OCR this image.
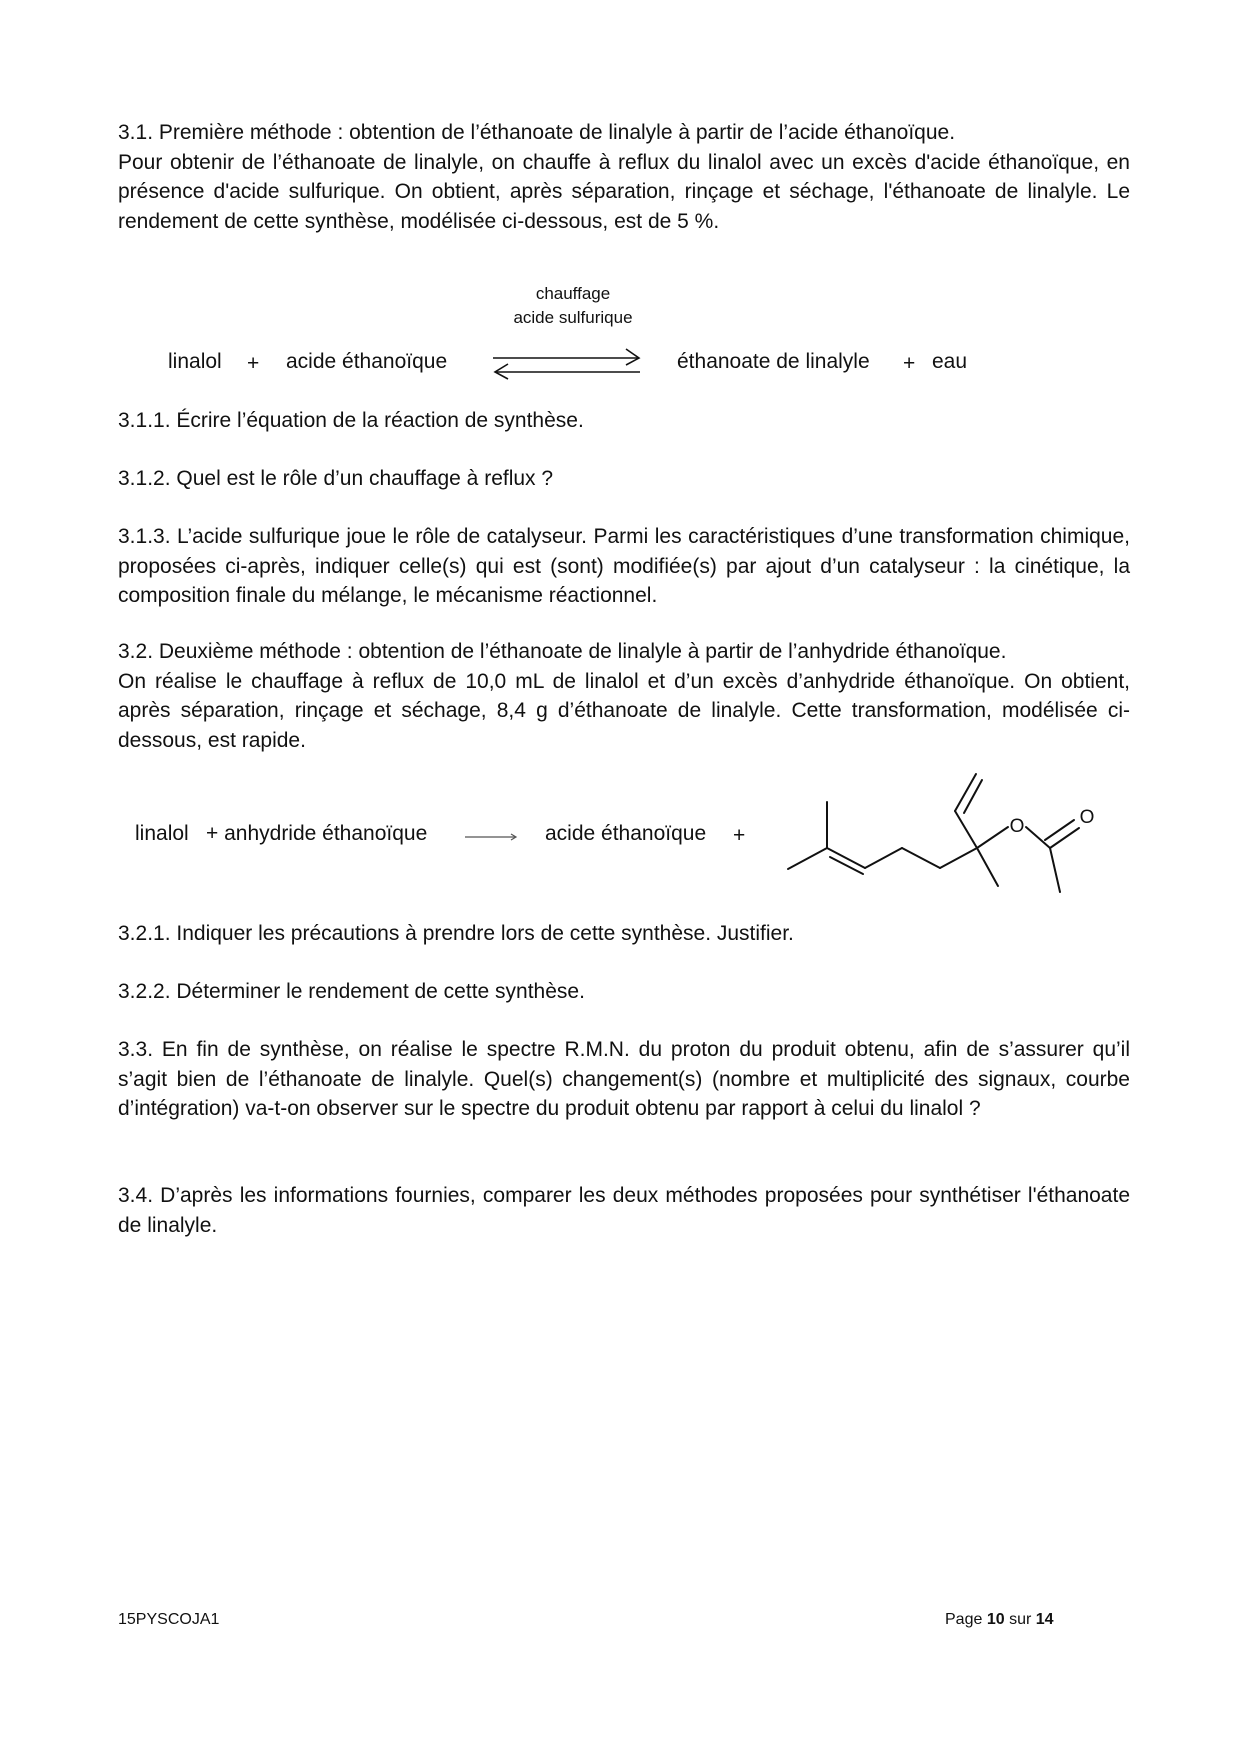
3.1. Première méthode : obtention de l’éthanoate de linalyle à partir de l’acide éthanoïque.

Pour obtenir de l’éthanoate de linalyle, on chauffe à reflux du linalol avec un excès d'acide éthanoïque, en présence d'acide sulfurique. On obtient, après séparation, rinçage et séchage, l'éthanoate de linalyle. Le rendement de cette synthèse, modélisée ci-dessous, est de 5 %.

chauffage
acide sulfurique
linalol + acide éthanoïque	éthanoate de linalyle + eau

3.1.1. Écrire l’équation de la réaction de synthèse.

3.1.2. Quel est le rôle d’un chauffage à reflux ?

3.1.3. L’acide sulfurique joue le rôle de catalyseur. Parmi les caractéristiques d’une transformation chimique, proposées ci-après, indiquer celle(s) qui est (sont) modifiée(s) par ajout d’un catalyseur : la cinétique, la composition finale du mélange, le mécanisme réactionnel.

3.2. Deuxième méthode : obtention de l’éthanoate de linalyle à partir de l’anhydride éthanoïque.

On réalise le chauffage à reflux de 10,0 mL de linalol et d’un excès d’anhydride éthanoïque. On obtient, après séparation, rinçage et séchage, 8,4 g d’éthanoate de linalyle. Cette transformation, modélisée ci-dessous, est rapide.

linalol + anhydride éthanoïque → acide éthanoïque +	O	O

3.2.1. Indiquer les précautions à prendre lors de cette synthèse. Justifier.

3.2.2. Déterminer le rendement de cette synthèse.

3.3. En fin de synthèse, on réalise le spectre R.M.N. du proton du produit obtenu, afin de s’assurer qu’il s’agit bien de l’éthanoate de linalyle. Quel(s) changement(s) (nombre et multiplicité des signaux, courbe d’intégration) va-t-on observer sur le spectre du produit obtenu par rapport à celui du linalol ?

3.4. D’après les informations fournies, comparer les deux méthodes proposées pour synthétiser l'éthanoate de linalyle.

15PYSCOJA1	Page 10 sur 14
